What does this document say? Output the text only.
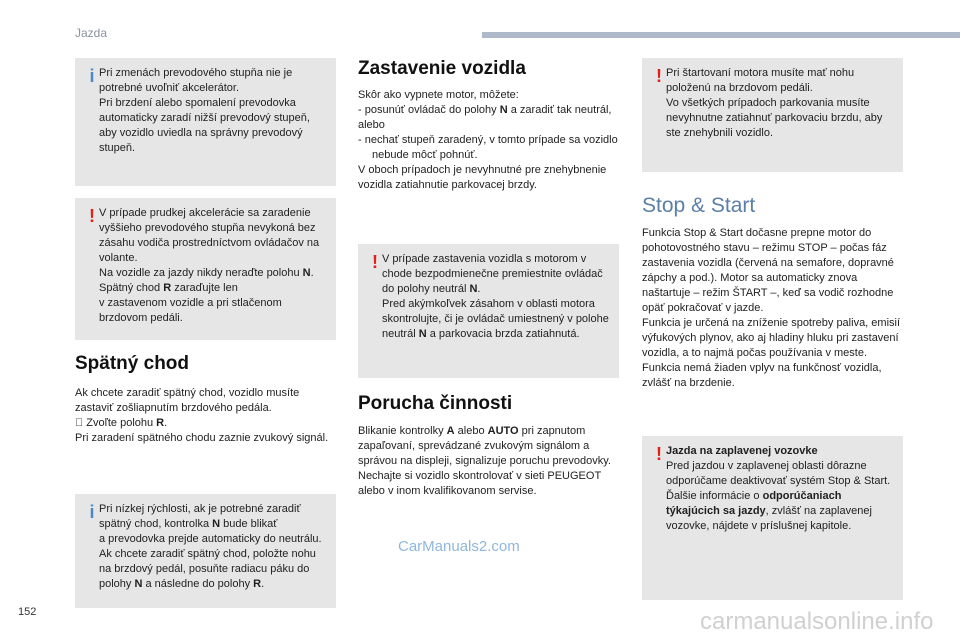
Jazda
i Pri zmenách prevodového stupňa nie je potrebné uvoľniť akcelerátor.
Pri brzdení alebo spomalení prevodovka automaticky zaradí nižší prevodový stupeň, aby vozidlo uviedla na správny prevodový stupeň.
! V prípade prudkej akcelerácie sa zaradenie vyššieho prevodového stupňa nevykoná bez zásahu vodiča prostredníctvom ovládačov na volante.
Na vozidle za jazdy nikdy neraďte polohu N.
Spätný chod R zaraďujte len
v zastavenom vozidle a pri stlačenom brzdovom pedáli.
Spätný chod
Ak chcete zaradiť spätný chod, vozidlo musíte zastaviť zošliapnutím brzdového pedála.
Zvoľte polohu R.
Pri zaradení spätného chodu zaznie zvukový signál.
i Pri nízkej rýchlosti, ak je potrebné zaradiť spätný chod, kontrolka N bude blikať
a prevodovka prejde automaticky do neutrálu. Ak chcete zaradiť spätný chod, položte nohu na brzdový pedál, posuňte radiacu páku do polohy N a následne do polohy R.
Zastavenie vozidla
Skôr ako vypnete motor, môžete:
- posunúť ovládač do polohy N a zaradiť tak neutrál,
alebo
- nechať stupeň zaradený, v tomto prípade sa vozidlo nebude môcť pohnúť.
V oboch prípadoch je nevyhnutné pre znehybnenie vozidla zatiahnutie parkovacej brzdy.
! V prípade zastavenia vozidla s motorom v chode bezpodmienečne premiestnite ovládač do polohy neutrál N.
Pred akýmkoľvek zásahom v oblasti motora skontrolujte, či je ovládač umiestnený v polohe neutrál N a parkovacia brzda zatiahnutá.
Porucha činnosti
Blikanie kontrolky A alebo AUTO pri zapnutom zapaľovaní, sprevádzané zvukovým signálom a správou na displeji, signalizuje poruchu prevodovky.
Nechajte si vozidlo skontrolovať v sieti PEUGEOT alebo v inom kvalifikovanom servise.
CarManuals2.com
! Pri štartovaní motora musíte mať nohu položenú na brzdovom pedáli.
Vo všetkých prípadoch parkovania musíte nevyhnutne zatiahnuť parkovaciu brzdu, aby ste znehybnili vozidlo.
Stop & Start
Funkcia Stop & Start dočasne prepne motor do pohotovostného stavu – režimu STOP – počas fáz zastavenia vozidla (červená na semafore, dopravné zápchy a pod.). Motor sa automaticky znova naštartuje – režim ŠTART –, keď sa vodič rozhodne opäť pokračovať v jazde.
Funkcia je určená na zníženie spotreby paliva, emisií výfukových plynov, ako aj hladiny hluku pri zastavení vozidla, a to najmä počas používania v meste.
Funkcia nemá žiaden vplyv na funkčnosť vozidla, zvlášť na brzdenie.
! Jazda na zaplavenej vozovke
Pred jazdou v zaplavenej oblasti dôrazne odporúčame deaktivovať systém Stop & Start.
Ďalšie informácie o odporúčaniach týkajúcich sa jazdy, zvlášť na zaplavenej vozovke, nájdete v príslušnej kapitole.
152	carmanualsonline.info
